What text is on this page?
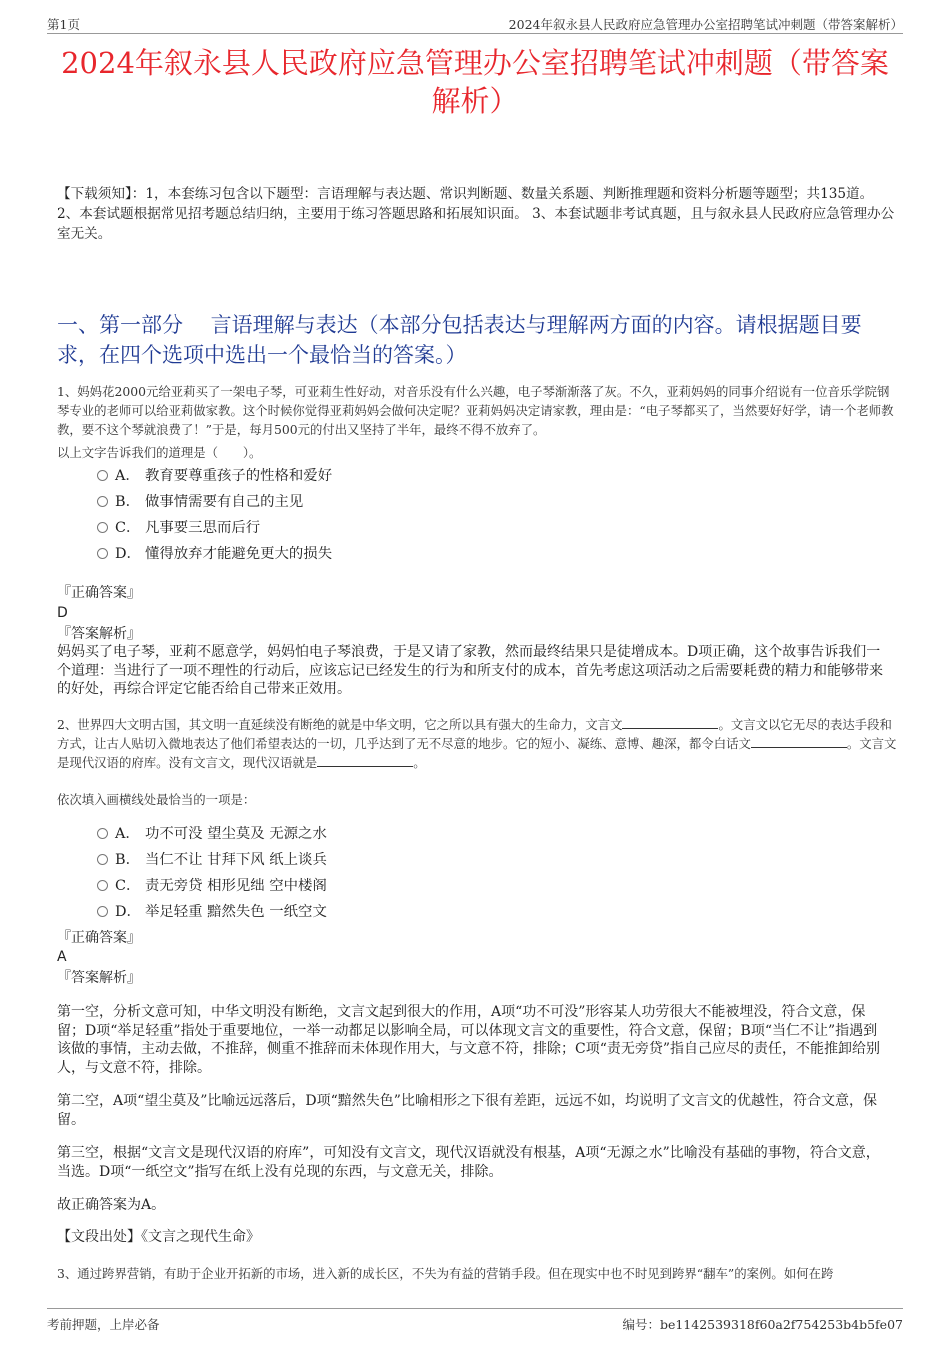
第1页	2024年叙永县人民政府应急管理办公室招聘笔试冲刺题（带答案解析）
2024年叙永县人民政府应急管理办公室招聘笔试冲刺题（带答案解析）
【下载须知】：1，本套练习包含以下题型：言语理解与表达题、常识判断题、数量关系题、判断推理题和资料分析题等题型；共135道。 2、本套试题根据常见招考题总结归纳，主要用于练习答题思路和拓展知识面。 3、本套试题非考试真题，且与叙永县人民政府应急管理办公室无关。
一、第一部分　 言语理解与表达（本部分包括表达与理解两方面的内容。请根据题目要求，在四个选项中选出一个最恰当的答案。）
1、妈妈花2000元给亚莉买了一架电子琴，可亚莉生性好动，对音乐没有什么兴趣，电子琴渐渐落了灰。不久，亚莉妈妈的同事介绍说有一位音乐学院钢琴专业的老师可以给亚莉做家教。这个时候你觉得亚莉妈妈会做何决定呢？亚莉妈妈决定请家教，理由是：“电子琴都买了，当然要好好学，请一个老师教教，要不这个琴就浪费了！”于是，每月500元的付出又坚持了半年，最终不得不放弃了。
以上文字告诉我们的道理是（　　）。
A． 教育要尊重孩子的性格和爱好
B． 做事情需要有自己的主见
C． 凡事要三思而后行
D． 懂得放弃才能避免更大的损失
『正确答案』
D
『答案解析』
妈妈买了电子琴，亚莉不愿意学，妈妈怕电子琴浪费，于是又请了家教，然而最终结果只是徒增成本。D项正确，这个故事告诉我们一个道理：当进行了一项不理性的行动后，应该忘记已经发生的行为和所支付的成本，首先考虑这项活动之后需要耗费的精力和能够带来的好处，再综合评定它能否给自己带来正效用。
2、世界四大文明古国，其文明一直延续没有断绝的就是中华文明，它之所以具有强大的生命力，文言文	。文言文以它无尽的表达手段和方式，让古人贴切入微地表达了他们希望表达的一切，几乎达到了无不尽意的地步。它的短小、凝练、意博、趣深，都令白话文	。文言文是现代汉语的府库。没有文言文，现代汉语就是	。
依次填入画横线处最恰当的一项是：
A． 功不可没 望尘莫及 无源之水
B． 当仁不让 甘拜下风 纸上谈兵
C． 责无旁贷 相形见绌 空中楼阁
D． 举足轻重 黯然失色 一纸空文
『正确答案』
A
『答案解析』
第一空，分析文意可知，中华文明没有断绝，文言文起到很大的作用，A项“功不可没”形容某人功劳很大不能被埋没，符合文意，保留；D项“举足轻重”指处于重要地位，一举一动都足以影响全局，可以体现文言文的重要性，符合文意，保留；B项“当仁不让”指遇到该做的事情，主动去做，不推辞，侧重不推辞而未体现作用大，与文意不符，排除；C项“责无旁贷”指自己应尽的责任，不能推卸给别人，与文意不符，排除。
第二空，A项“望尘莫及”比喻远远落后，D项“黯然失色”比喻相形之下很有差距，远远不如，均说明了文言文的优越性，符合文意，保留。
第三空，根据“文言文是现代汉语的府库”，可知没有文言文，现代汉语就没有根基，A项“无源之水”比喻没有基础的事物，符合文意，当选。D项“一纸空文”指写在纸上没有兑现的东西，与文意无关，排除。
故正确答案为A。
【文段出处】《文言之现代生命》
3、通过跨界营销，有助于企业开拓新的市场，进入新的成长区，不失为有益的营销手段。但在现实中也不时见到跨界“翻车”的案例。如何在跨
考前押题，上岸必备	编号：be1142539318f60a2f754253b4b5fe07
